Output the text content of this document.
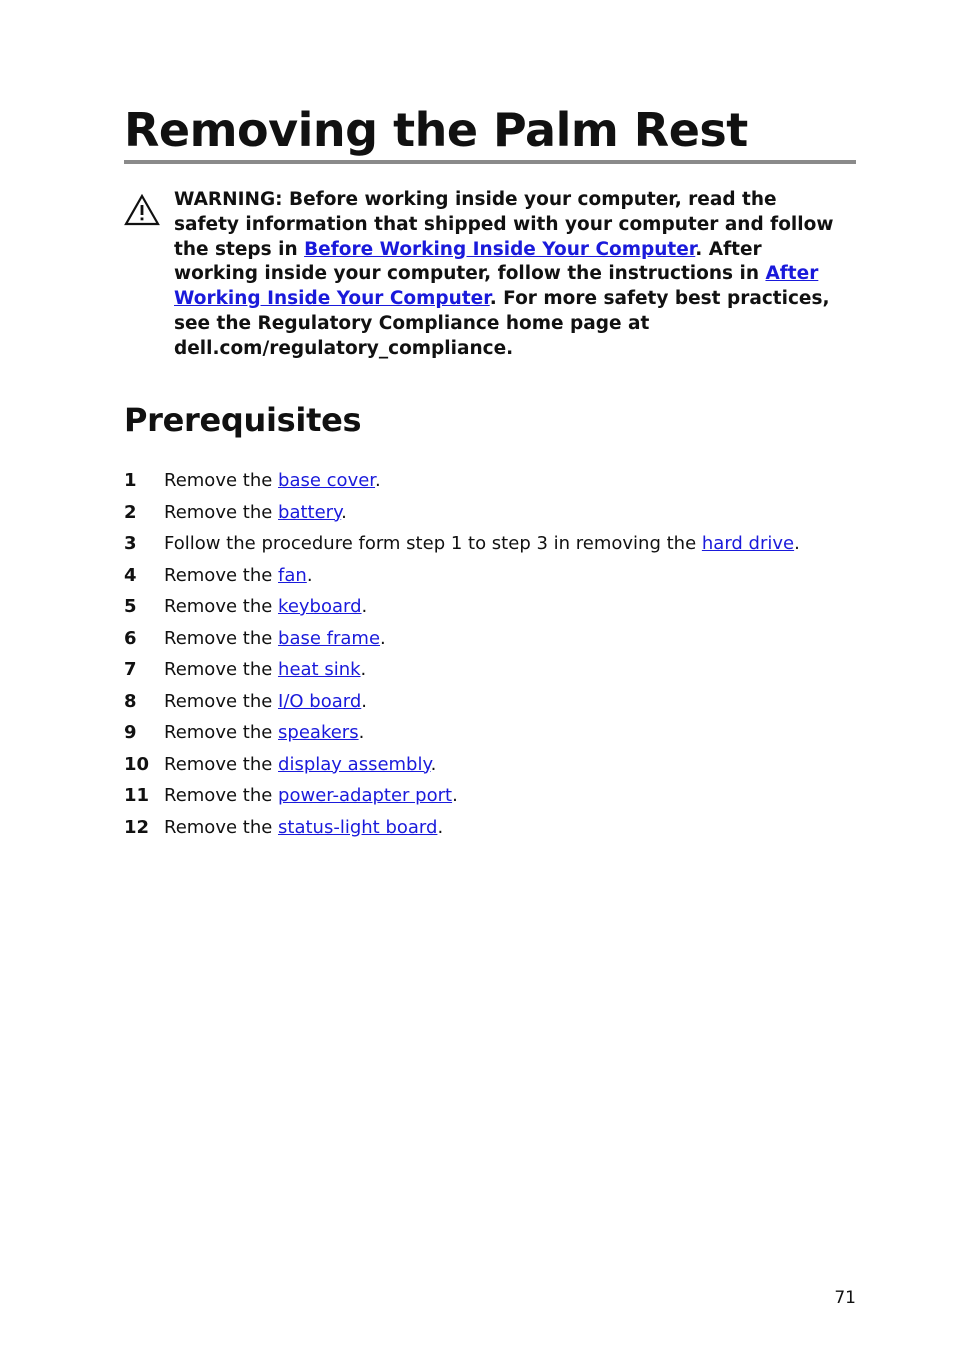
Removing the Palm Rest
WARNING: Before working inside your computer, read the safety information that shipped with your computer and follow the steps in Before Working Inside Your Computer. After working inside your computer, follow the instructions in After Working Inside Your Computer. For more safety best practices, see the Regulatory Compliance home page at dell.com/regulatory_compliance.
Prerequisites
1 Remove the base cover.
2 Remove the battery.
3 Follow the procedure form step 1 to step 3 in removing the hard drive.
4 Remove the fan.
5 Remove the keyboard.
6 Remove the base frame.
7 Remove the heat sink.
8 Remove the I/O board.
9 Remove the speakers.
10 Remove the display assembly.
11 Remove the power-adapter port.
12 Remove the status-light board.
71
